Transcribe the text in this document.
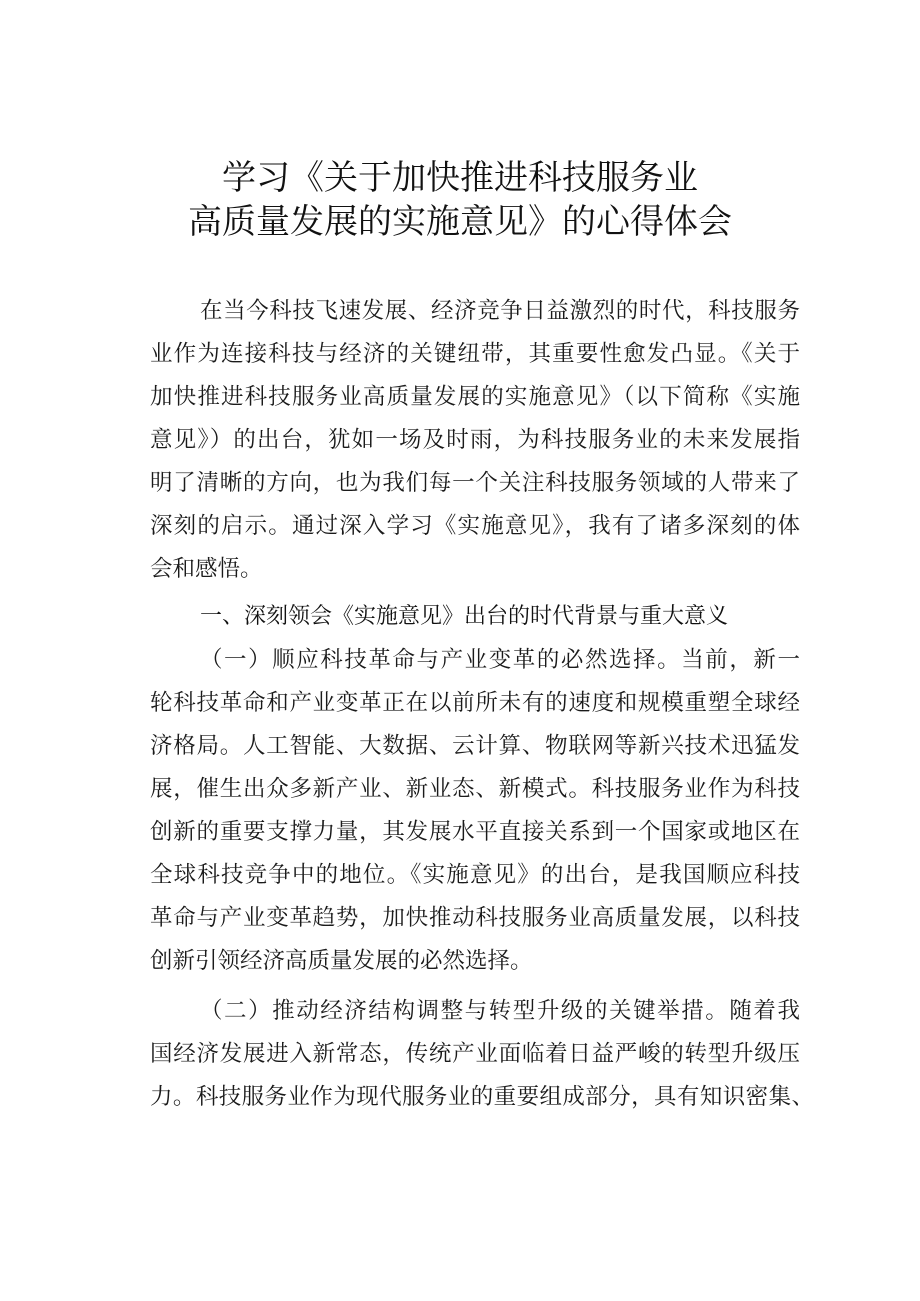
学习《关于加快推进科技服务业
高质量发展的实施意见》的心得体会
在当今科技飞速发展、经济竞争日益激烈的时代，科技服务
业作为连接科技与经济的关键纽带，其重要性愈发凸显。《关于
加快推进科技服务业高质量发展的实施意见》（以下简称《实施
意见》）的出台，犹如一场及时雨，为科技服务业的未来发展指
明了清晰的方向，也为我们每一个关注科技服务领域的人带来了
深刻的启示。通过深入学习《实施意见》，我有了诸多深刻的体
会和感悟。
一、深刻领会《实施意见》出台的时代背景与重大意义
（一）顺应科技革命与产业变革的必然选择。当前，新一
轮科技革命和产业变革正在以前所未有的速度和规模重塑全球经
济格局。人工智能、大数据、云计算、物联网等新兴技术迅猛发
展，催生出众多新产业、新业态、新模式。科技服务业作为科技
创新的重要支撑力量，其发展水平直接关系到一个国家或地区在
全球科技竞争中的地位。《实施意见》的出台，是我国顺应科技
革命与产业变革趋势，加快推动科技服务业高质量发展，以科技
创新引领经济高质量发展的必然选择。
（二）推动经济结构调整与转型升级的关键举措。随着我
国经济发展进入新常态，传统产业面临着日益严峻的转型升级压
力。科技服务业作为现代服务业的重要组成部分，具有知识密集、
